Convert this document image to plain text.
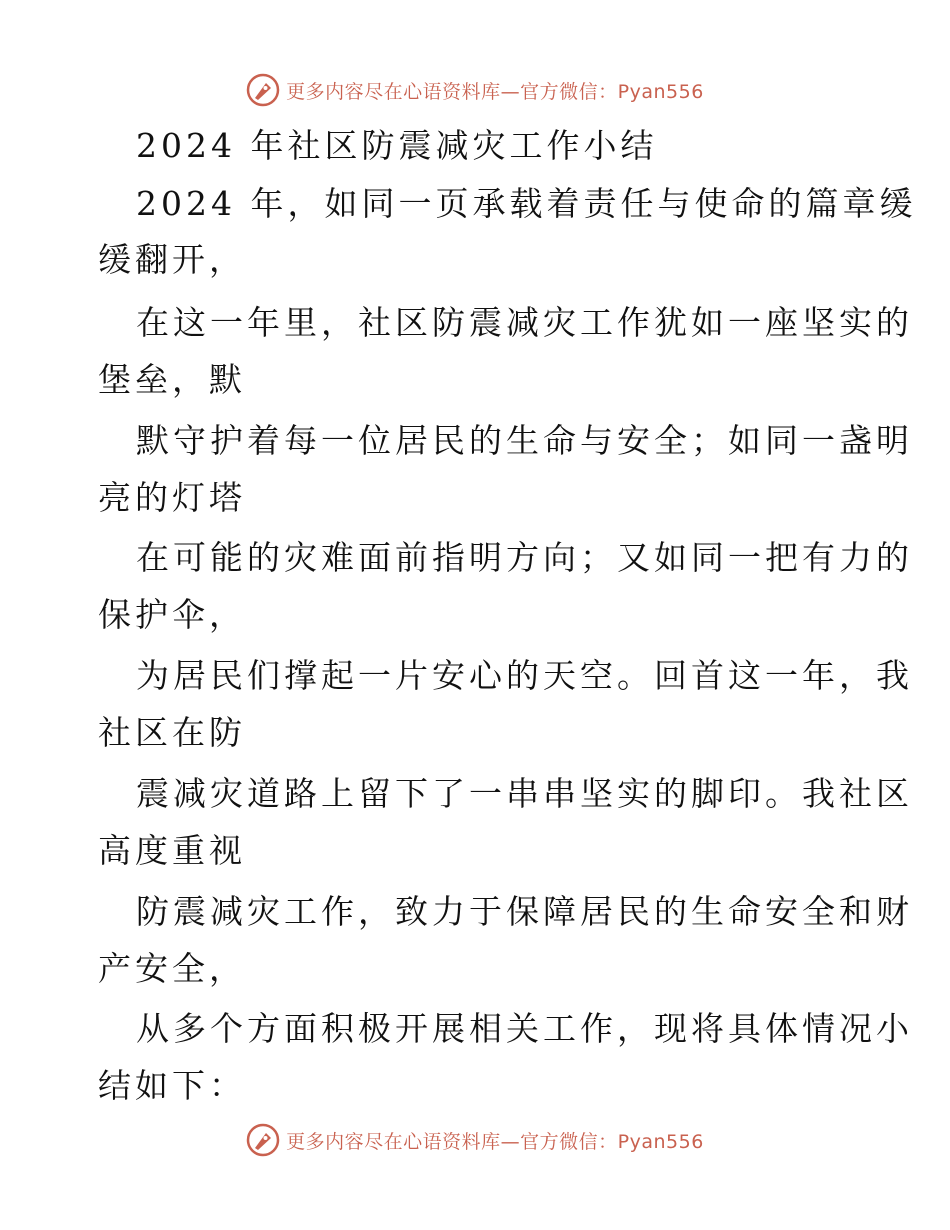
更多内容尽在心语资料库—官方微信：Pyan556
2024 年社区防震减灾工作小结
2024 年，如同一页承载着责任与使命的篇章缓
缓翻开，
在这一年里，社区防震减灾工作犹如一座坚实的
堡垒，默
默守护着每一位居民的生命与安全；如同一盏明
亮的灯塔
在可能的灾难面前指明方向；又如同一把有力的
保护伞，
为居民们撑起一片安心的天空。回首这一年，我
社区在防
震减灾道路上留下了一串串坚实的脚印。我社区
高度重视
防震减灾工作，致力于保障居民的生命安全和财
产安全，
从多个方面积极开展相关工作，现将具体情况小
结如下：
更多内容尽在心语资料库—官方微信：Pyan556
